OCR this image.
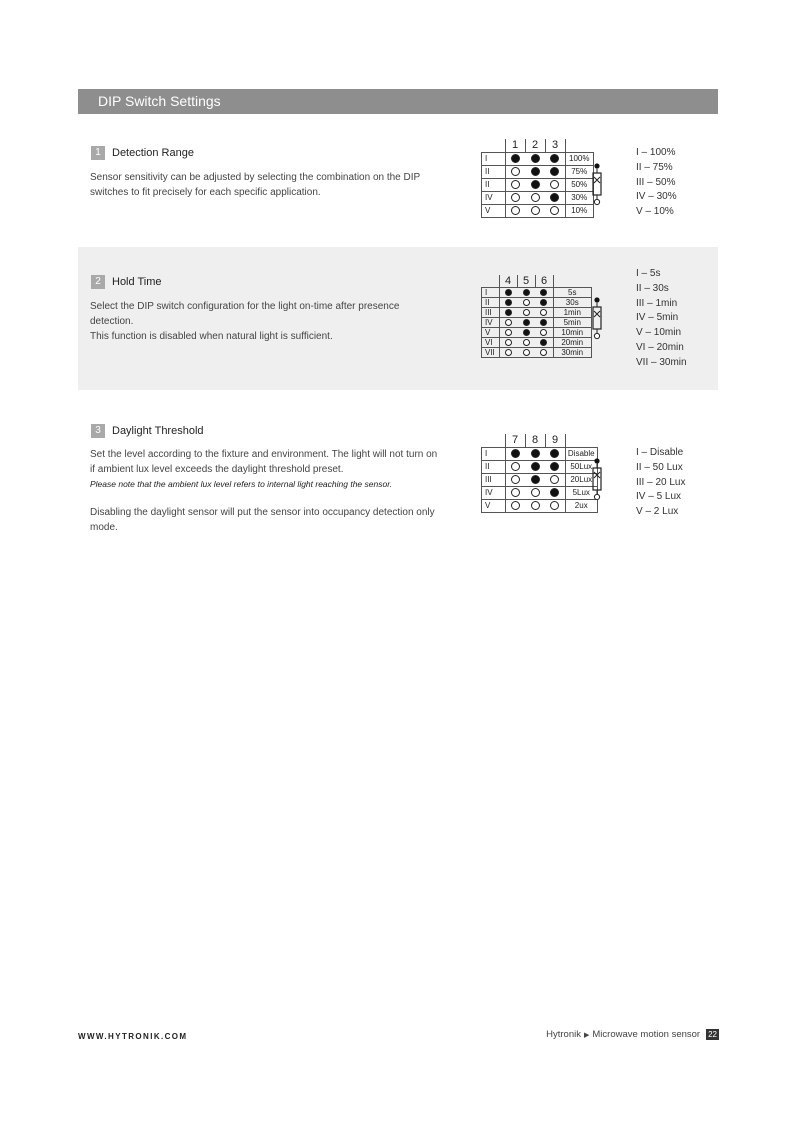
DIP Switch Settings
1	Detection Range

Sensor sensitivity can be adjusted by selecting the combination on the DIP switches to fit precisely for each specific application.

2	Hold Time

Select the DIP switch configuration for the light on-time after presence detection.

This function is disabled when natural light is sufficient.

3	Daylight Threshold

Set the level according to the fixture and environment. The light will not turn on if ambient lux level exceeds the daylight threshold preset.

Please note that the ambient lux level refers to internal light reaching the sensor.

Disabling the daylight sensor will put the sensor into occupancy detection only mode.

	1	2	3	
I				100%
II				75%
II				50%
IV				30%
V				10%
I – 100%
II – 75%
III – 50%
IV – 30%
V – 10%
	4	5	6	
I				5s
II				30s
III				1min
IV				5min
V				10min
VI				20min
VII				30min
I – 5s
II – 30s
III – 1min
IV – 5min
V – 10min
VI – 20min
VII – 30min
	7	8	9	
I				Disable
II				50Lux
III				20Lux
IV				5Lux
V				2ux
I – Disable
II – 50 Lux
III – 20 Lux
IV – 5 Lux
V – 2 Lux
WWW.HYTRONIK.COM	Hytronik ▶ Microwave motion sensor 22
